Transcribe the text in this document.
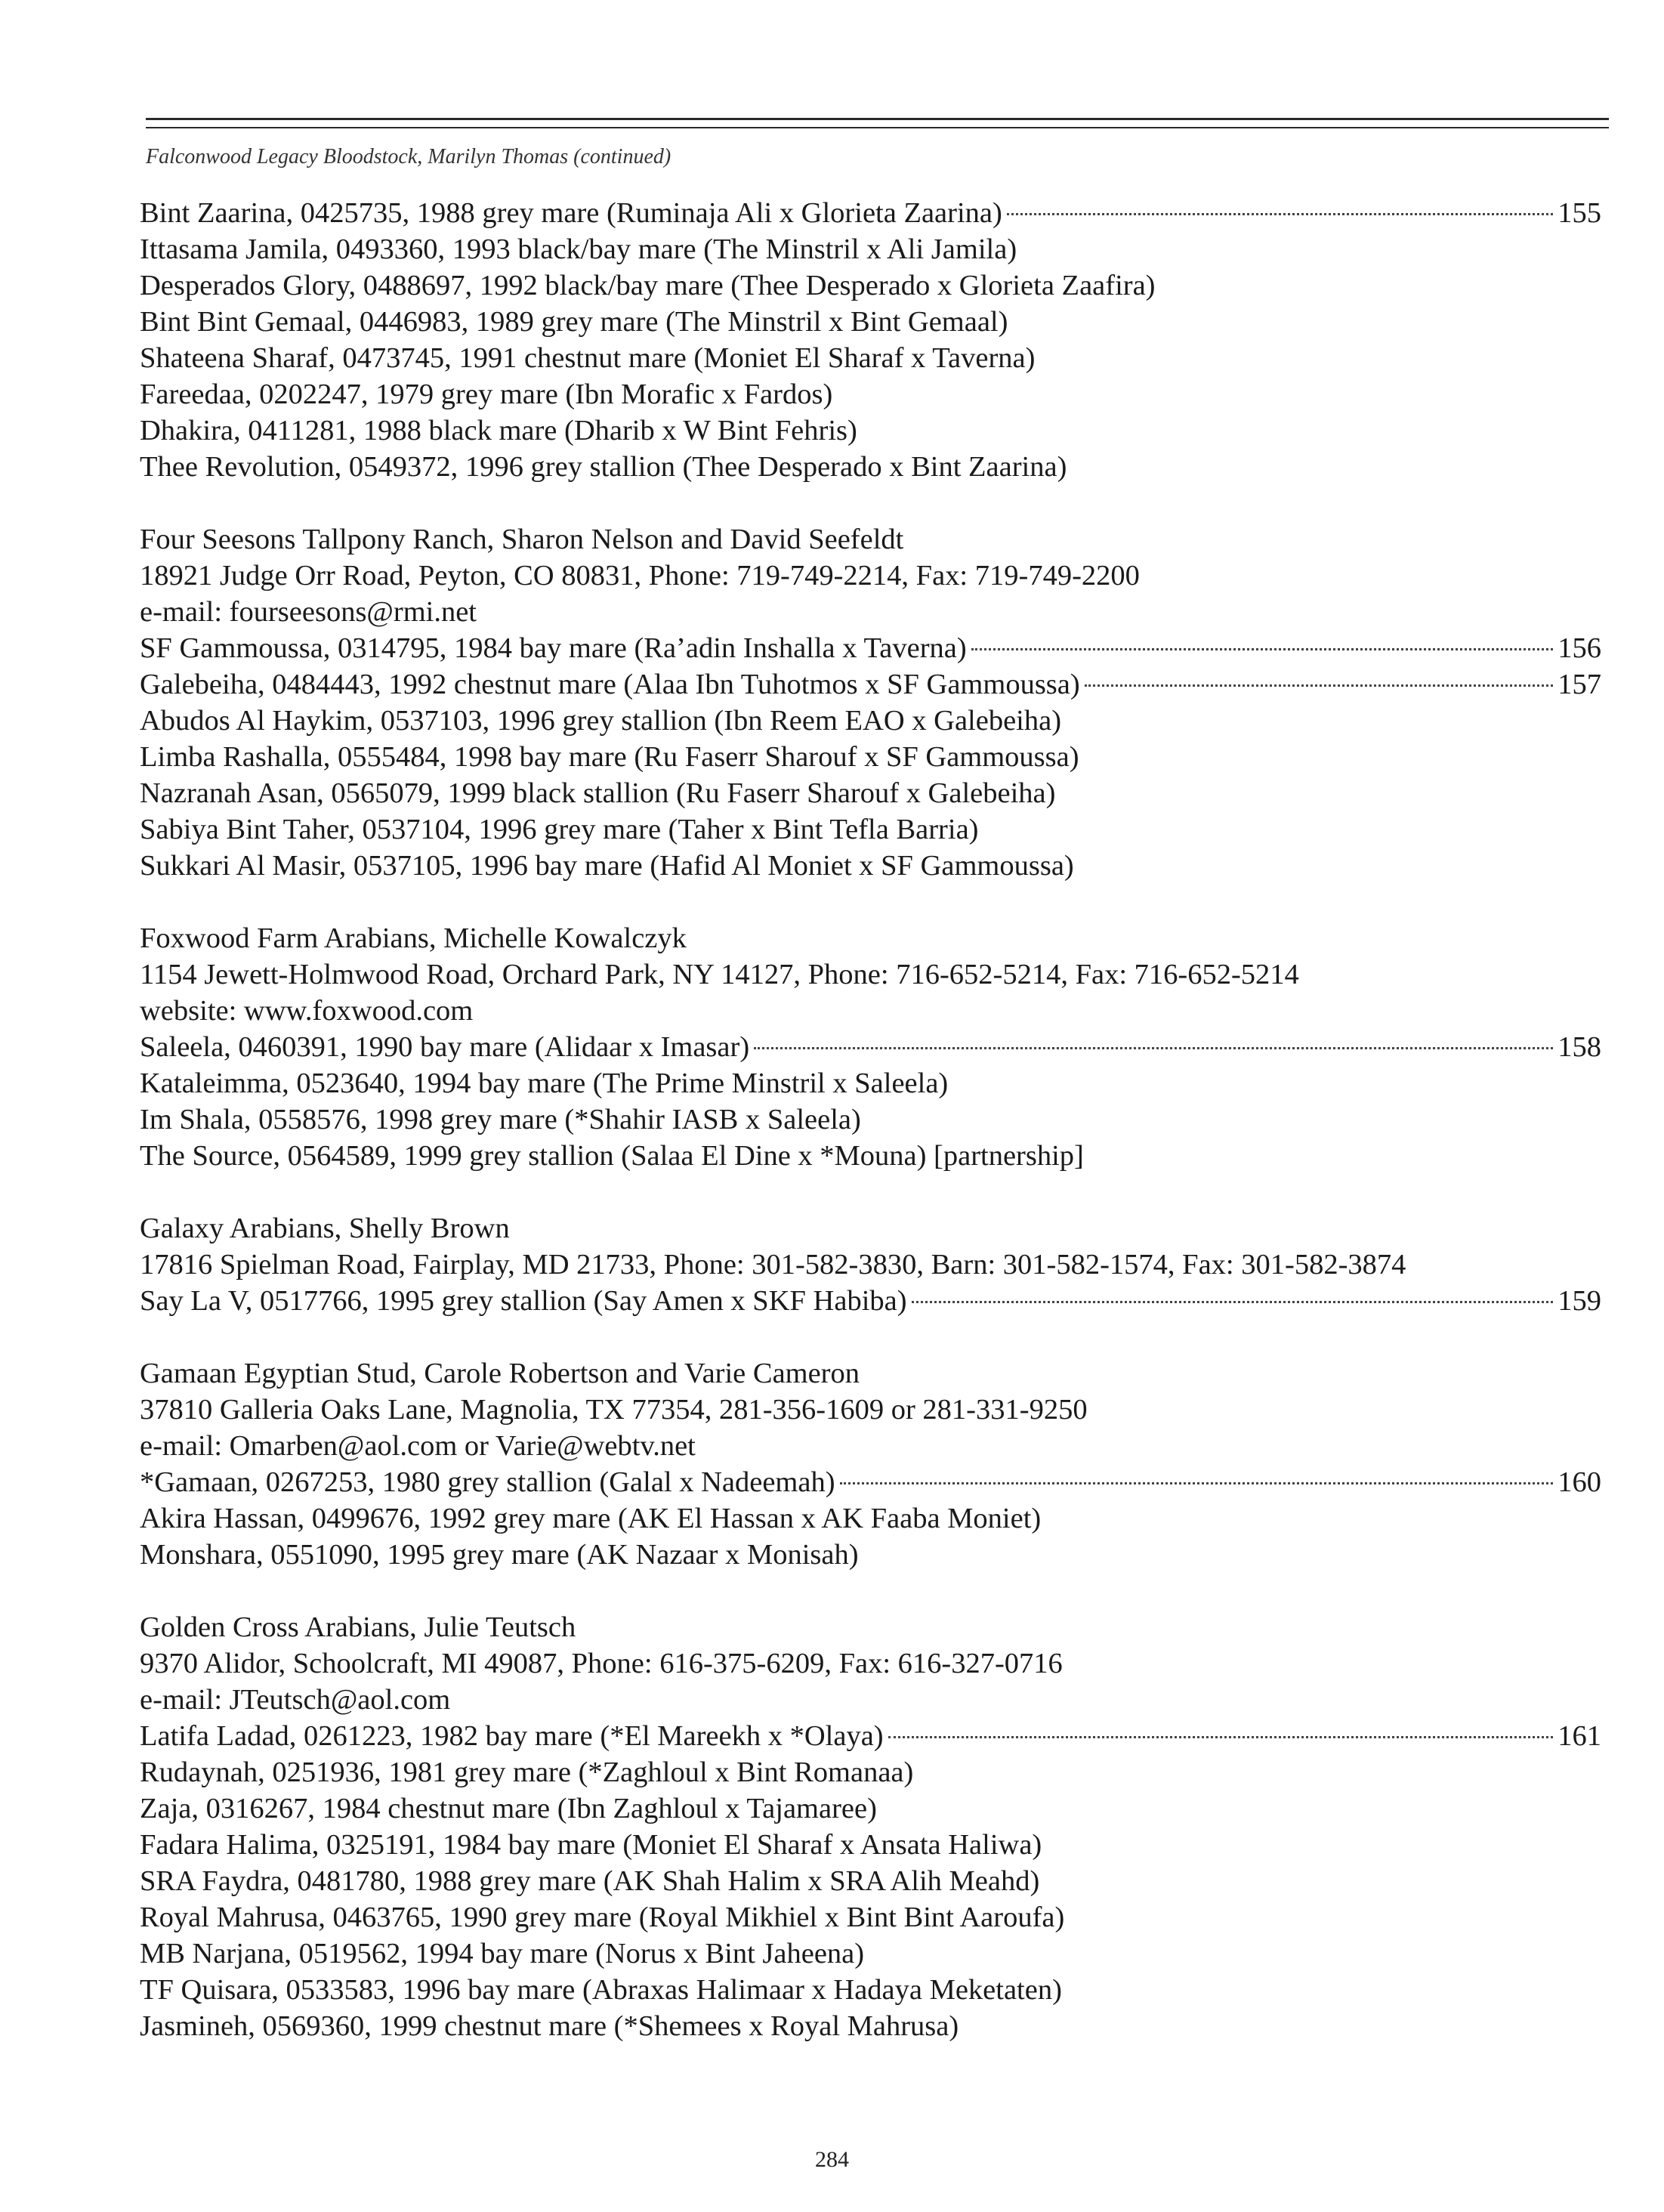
Falconwood Legacy Bloodstock, Marilyn Thomas (continued)
Bint Zaarina, 0425735, 1988 grey mare (Ruminaja Ali x Glorieta Zaarina)	155
Ittasama Jamila, 0493360, 1993 black/bay mare (The Minstril x Ali Jamila)
Desperados Glory, 0488697, 1992 black/bay mare (Thee Desperado x Glorieta Zaafira)
Bint Bint Gemaal, 0446983, 1989 grey mare (The Minstril x Bint Gemaal)
Shateena Sharaf, 0473745, 1991 chestnut mare (Moniet El Sharaf x Taverna)
Fareedaa, 0202247, 1979 grey mare (Ibn Morafic x Fardos)
Dhakira, 0411281, 1988 black mare (Dharib x W Bint Fehris)
Thee Revolution, 0549372, 1996 grey stallion (Thee Desperado x Bint Zaarina)
Four Seesons Tallpony Ranch, Sharon Nelson and David Seefeldt
18921 Judge Orr Road, Peyton, CO 80831, Phone: 719-749-2214, Fax: 719-749-2200
e-mail: fourseesons@rmi.net
SF Gammoussa, 0314795, 1984 bay mare (Ra’adin Inshalla x Taverna)	156
Galebeiha, 0484443, 1992 chestnut mare (Alaa Ibn Tuhotmos x SF Gammoussa)	157
Abudos Al Haykim, 0537103, 1996 grey stallion (Ibn Reem EAO x Galebeiha)
Limba Rashalla, 0555484, 1998 bay mare (Ru Faserr Sharouf x SF Gammoussa)
Nazranah Asan, 0565079, 1999 black stallion (Ru Faserr Sharouf x Galebeiha)
Sabiya Bint Taher, 0537104, 1996 grey mare (Taher x Bint Tefla Barria)
Sukkari Al Masir, 0537105, 1996 bay mare (Hafid Al Moniet x SF Gammoussa)
Foxwood Farm Arabians, Michelle Kowalczyk
1154 Jewett-Holmwood Road, Orchard Park, NY 14127, Phone: 716-652-5214, Fax: 716-652-5214
website: www.foxwood.com
Saleela, 0460391, 1990 bay mare (Alidaar x Imasar)	158
Kataleimma, 0523640, 1994 bay mare (The Prime Minstril x Saleela)
Im Shala, 0558576, 1998 grey mare (*Shahir IASB x Saleela)
The Source, 0564589, 1999 grey stallion (Salaa El Dine x *Mouna) [partnership]
Galaxy Arabians, Shelly Brown
17816 Spielman Road, Fairplay, MD 21733, Phone: 301-582-3830, Barn: 301-582-1574, Fax: 301-582-3874
Say La V, 0517766, 1995 grey stallion (Say Amen x SKF Habiba)	159
Gamaan Egyptian Stud, Carole Robertson and Varie Cameron
37810 Galleria Oaks Lane, Magnolia, TX 77354, 281-356-1609 or 281-331-9250
e-mail: Omarben@aol.com or Varie@webtv.net
*Gamaan, 0267253, 1980 grey stallion (Galal x Nadeemah)	160
Akira Hassan, 0499676, 1992 grey mare (AK El Hassan x AK Faaba Moniet)
Monshara, 0551090, 1995 grey mare (AK Nazaar x Monisah)
Golden Cross Arabians, Julie Teutsch
9370 Alidor, Schoolcraft, MI 49087, Phone: 616-375-6209, Fax: 616-327-0716
e-mail: JTeutsch@aol.com
Latifa Ladad, 0261223, 1982 bay mare (*El Mareekh x *Olaya)	161
Rudaynah, 0251936, 1981 grey mare (*Zaghloul x Bint Romanaa)
Zaja, 0316267, 1984 chestnut mare (Ibn Zaghloul x Tajamaree)
Fadara Halima, 0325191, 1984 bay mare (Moniet El Sharaf x Ansata Haliwa)
SRA Faydra, 0481780, 1988 grey mare (AK Shah Halim x SRA Alih Meahd)
Royal Mahrusa, 0463765, 1990 grey mare (Royal Mikhiel x Bint Bint Aaroufa)
MB Narjana, 0519562, 1994 bay mare (Norus x Bint Jaheena)
TF Quisara, 0533583, 1996 bay mare (Abraxas Halimaar x Hadaya Meketaten)
Jasmineh, 0569360, 1999 chestnut mare (*Shemees x Royal Mahrusa)
284
